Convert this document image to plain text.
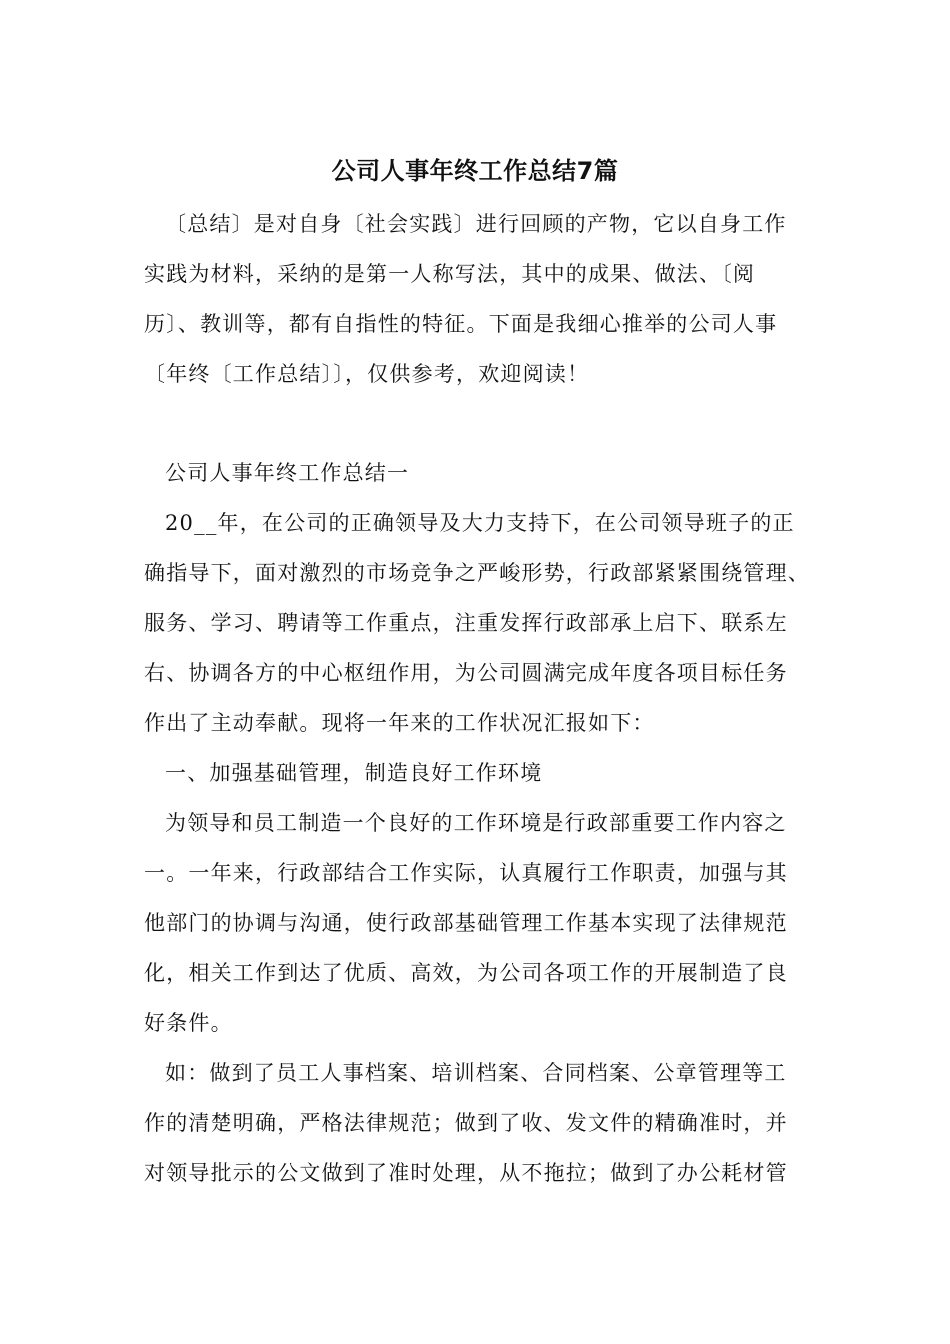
公司人事年终工作总结7篇

〔总结〕是对自身〔社会实践〕进行回顾的产物，它以自身工作

实践为材料，采纳的是第一人称写法，其中的成果、做法、〔阅

历〕、教训等，都有自指性的特征。下面是我细心推举的公司人事

〔年终〔工作总结〕〕，仅供参考，欢迎阅读！

公司人事年终工作总结一

20__年，在公司的正确领导及大力支持下，在公司领导班子的正

确指导下，面对激烈的市场竞争之严峻形势，行政部紧紧围绕管理、

服务、学习、聘请等工作重点，注重发挥行政部承上启下、联系左

右、协调各方的中心枢纽作用，为公司圆满完成年度各项目标任务

作出了主动奉献。现将一年来的工作状况汇报如下：

一、加强基础管理，制造良好工作环境

为领导和员工制造一个良好的工作环境是行政部重要工作内容之

一。一年来，行政部结合工作实际，认真履行工作职责，加强与其

他部门的协调与沟通，使行政部基础管理工作基本实现了法律规范

化，相关工作到达了优质、高效，为公司各项工作的开展制造了良

好条件。

如：做到了员工人事档案、培训档案、合同档案、公章管理等工

作的清楚明确，严格法律规范；做到了收、发文件的精确准时，并

对领导批示的公文做到了准时处理，从不拖拉；做到了办公耗材管
